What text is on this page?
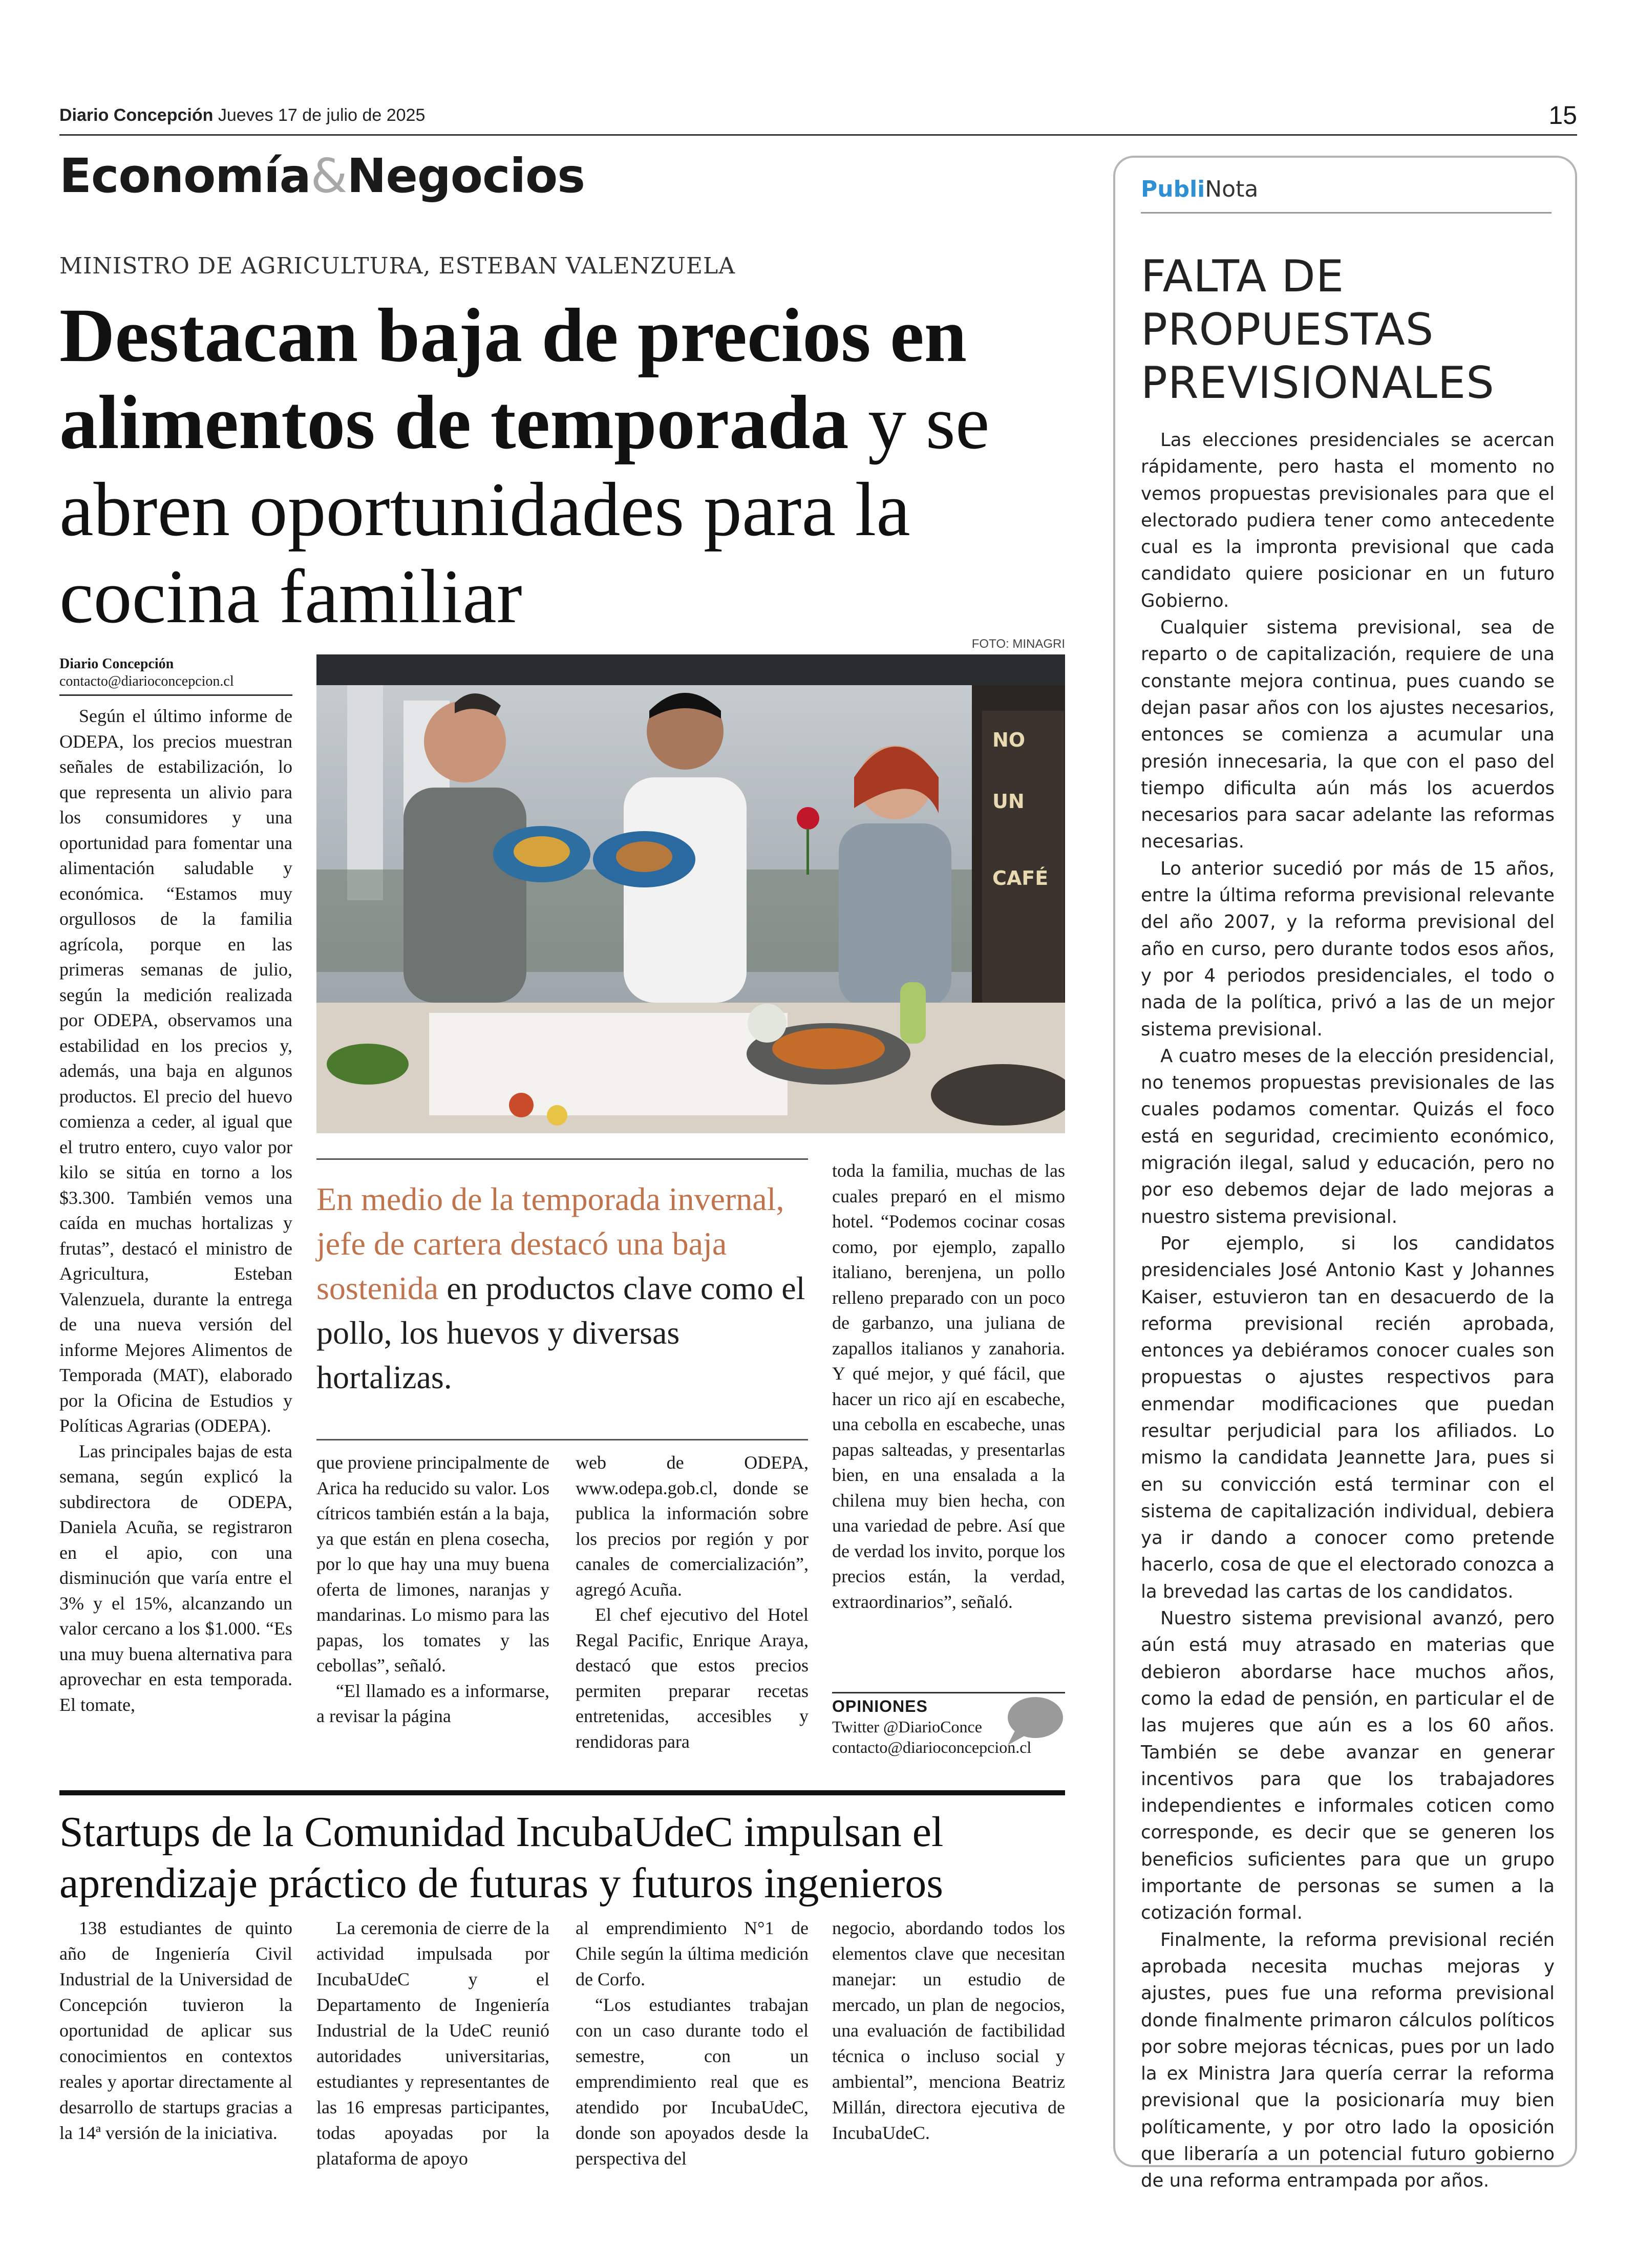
Diario Concepción Jueves 17 de julio de 2025	15
Economía&Negocios
MINISTRO DE AGRICULTURA, ESTEBAN VALENZUELA
Destacan baja de precios en alimentos de temporada y se abren oportunidades para la cocina familiar
Diario Concepción
contacto@diarioconcepcion.cl
FOTO: MINAGRI
NO
UN
CAFÉ

Según el último informe de ODEPA, los precios muestran señales de estabilización, lo que representa un alivio para los consumidores y una oportunidad para fomentar una alimentación saludable y económica. “Estamos muy orgullosos de la familia agrícola, porque en las primeras semanas de julio, según la medición realizada por ODEPA, observamos una estabilidad en los precios y, además, una baja en algunos productos. El precio del huevo comienza a ceder, al igual que el trutro entero, cuyo valor por kilo se sitúa en torno a los $3.300. También vemos una caída en muchas hortalizas y frutas”, destacó el ministro de Agricultura, Esteban Valenzuela, durante la entrega de una nueva versión del informe Mejores Alimentos de Temporada (MAT), elaborado por la Oficina de Estudios y Políticas Agrarias (ODEPA).

Las principales bajas de esta semana, según explicó la subdirectora de ODEPA, Daniela Acuña, se registraron en el apio, con una disminución que varía entre el 3% y el 15%, alcanzando un valor cercano a los $1.000. “Es una muy buena alternativa para aprovechar en esta temporada. El tomate,

En medio de la temporada invernal, jefe de cartera destacó una baja sostenida en productos clave como el pollo, los huevos y diversas hortalizas.

que proviene principalmente de Arica ha reducido su valor. Los cítricos también están a la baja, ya que están en plena cosecha, por lo que hay una muy buena oferta de limones, naranjas y mandarinas. Lo mismo para las papas, los tomates y las cebollas”, señaló.

“El llamado es a informarse, a revisar la página

web de ODEPA, www.odepa.gob.cl, donde se publica la información sobre los precios por región y por canales de comercialización”, agregó Acuña.

El chef ejecutivo del Hotel Regal Pacific, Enrique Araya, destacó que estos precios permiten preparar recetas entretenidas, accesibles y rendidoras para

toda la familia, muchas de las cuales preparó en el mismo hotel. “Podemos cocinar cosas como, por ejemplo, zapallo italiano, berenjena, un pollo relleno preparado con un poco de garbanzo, una juliana de zapallos italianos y zanahoria. Y qué mejor, y qué fácil, que hacer un rico ají en escabeche, una cebolla en escabeche, unas papas salteadas, y presentarlas bien, en una ensalada a la chilena muy bien hecha, con una variedad de pebre. Así que de verdad los invito, porque los precios están, la verdad, extraordinarios”, señaló.

OPINIONES
Twitter @DiarioConce
contacto@diarioconcepcion.cl
Startups de la Comunidad IncubaUdeC impulsan el aprendizaje práctico de futuras y futuros ingenieros

138 estudiantes de quinto año de Ingeniería Civil Industrial de la Universidad de Concepción tuvieron la oportunidad de aplicar sus conocimientos en contextos reales y aportar directamente al desarrollo de startups gracias a la 14ª versión de la iniciativa.

La ceremonia de cierre de la actividad impulsada por IncubaUdeC y el Departamento de Ingeniería Industrial de la UdeC reunió autoridades universitarias, estudiantes y representantes de las 16 empresas participantes, todas apoyadas por la plataforma de apoyo

al emprendimiento N°1 de Chile según la última medición de Corfo.

“Los estudiantes trabajan con un caso durante todo el semestre, con un emprendimiento real que es atendido por IncubaUdeC, donde son apoyados desde la perspectiva del

negocio, abordando todos los elementos clave que necesitan manejar: un estudio de mercado, un plan de negocios, una evaluación de factibilidad técnica o incluso social y ambiental”, menciona Beatriz Millán, directora ejecutiva de IncubaUdeC.

PubliNota
FALTA DE PROPUESTAS PREVISIONALES

Las elecciones presidenciales se acercan rápidamente, pero hasta el momento no vemos propuestas previsionales para que el electorado pudiera tener como antecedente cual es la impronta previsional que cada candidato quiere posicionar en un futuro Gobierno.

Cualquier sistema previsional, sea de reparto o de capitalización, requiere de una constante mejora continua, pues cuando se dejan pasar años con los ajustes necesarios, entonces se comienza a acumular una presión innecesaria, la que con el paso del tiempo dificulta aún más los acuerdos necesarios para sacar adelante las reformas necesarias.

Lo anterior sucedió por más de 15 años, entre la última reforma previsional relevante del año 2007, y la reforma previsional del año en curso, pero durante todos esos años, y por 4 periodos presidenciales, el todo o nada de la política, privó a las de un mejor sistema previsional.

A cuatro meses de la elección presidencial, no tenemos propuestas previsionales de las cuales podamos comentar. Quizás el foco está en seguridad, crecimiento económico, migración ilegal, salud y educación, pero no por eso debemos dejar de lado mejoras a nuestro sistema previsional.

Por ejemplo, si los candidatos presidenciales José Antonio Kast y Johannes Kaiser, estuvieron tan en desacuerdo de la reforma previsional recién aprobada, entonces ya debiéramos conocer cuales son propuestas o ajustes respectivos para enmendar modificaciones que puedan resultar perjudicial para los afiliados. Lo mismo la candidata Jeannette Jara, pues si en su convicción está terminar con el sistema de capitalización individual, debiera ya ir dando a conocer como pretende hacerlo, cosa de que el electorado conozca a la brevedad las cartas de los candidatos.

Nuestro sistema previsional avanzó, pero aún está muy atrasado en materias que debieron abordarse hace muchos años, como la edad de pensión, en particular el de las mujeres que aún es a los 60 años. También se debe avanzar en generar incentivos para que los trabajadores independientes e informales coticen como corresponde, es decir que se generen los beneficios suficientes para que un grupo importante de personas se sumen a la cotización formal.

Finalmente, la reforma previsional recién aprobada necesita muchas mejoras y ajustes, pues fue una reforma previsional donde finalmente primaron cálculos políticos por sobre mejoras técnicas, pues por un lado la ex Ministra Jara quería cerrar la reforma previsional que la posicionaría muy bien políticamente, y por otro lado la oposición que liberaría a un potencial futuro gobierno de una reforma entrampada por años.
